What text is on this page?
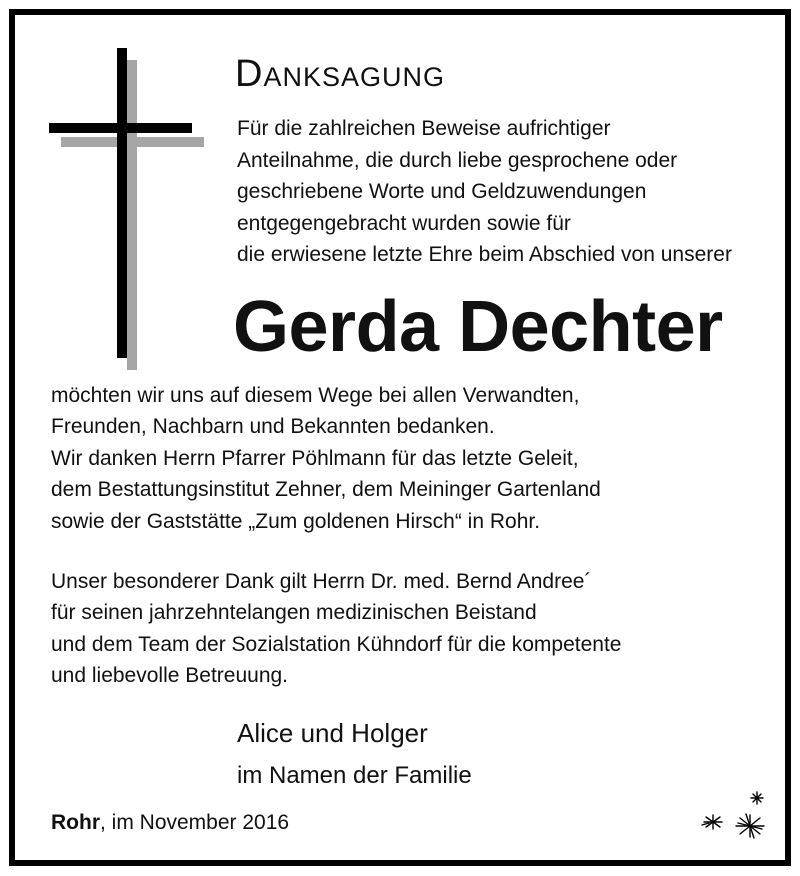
Danksagung
Für die zahlreichen Beweise aufrichtiger
Anteilnahme, die durch liebe gesprochene oder
geschriebene Worte und Geldzuwendungen
entgegengebracht wurden sowie für
die erwiesene letzte Ehre beim Abschied von unserer
Gerda Dechter
möchten wir uns auf diesem Wege bei allen Verwandten,
Freunden, Nachbarn und Bekannten bedanken.
Wir danken Herrn Pfarrer Pöhlmann für das letzte Geleit,
dem Bestattungsinstitut Zehner, dem Meininger Gartenland
sowie der Gaststätte „Zum goldenen Hirsch“ in Rohr.
Unser besonderer Dank gilt Herrn Dr. med. Bernd Andree´
für seinen jahrzehntelangen medizinischen Beistand
und dem Team der Sozialstation Kühndorf für die kompetente
und liebevolle Betreuung.
Alice und Holger
im Namen der Familie
Rohr, im November 2016
